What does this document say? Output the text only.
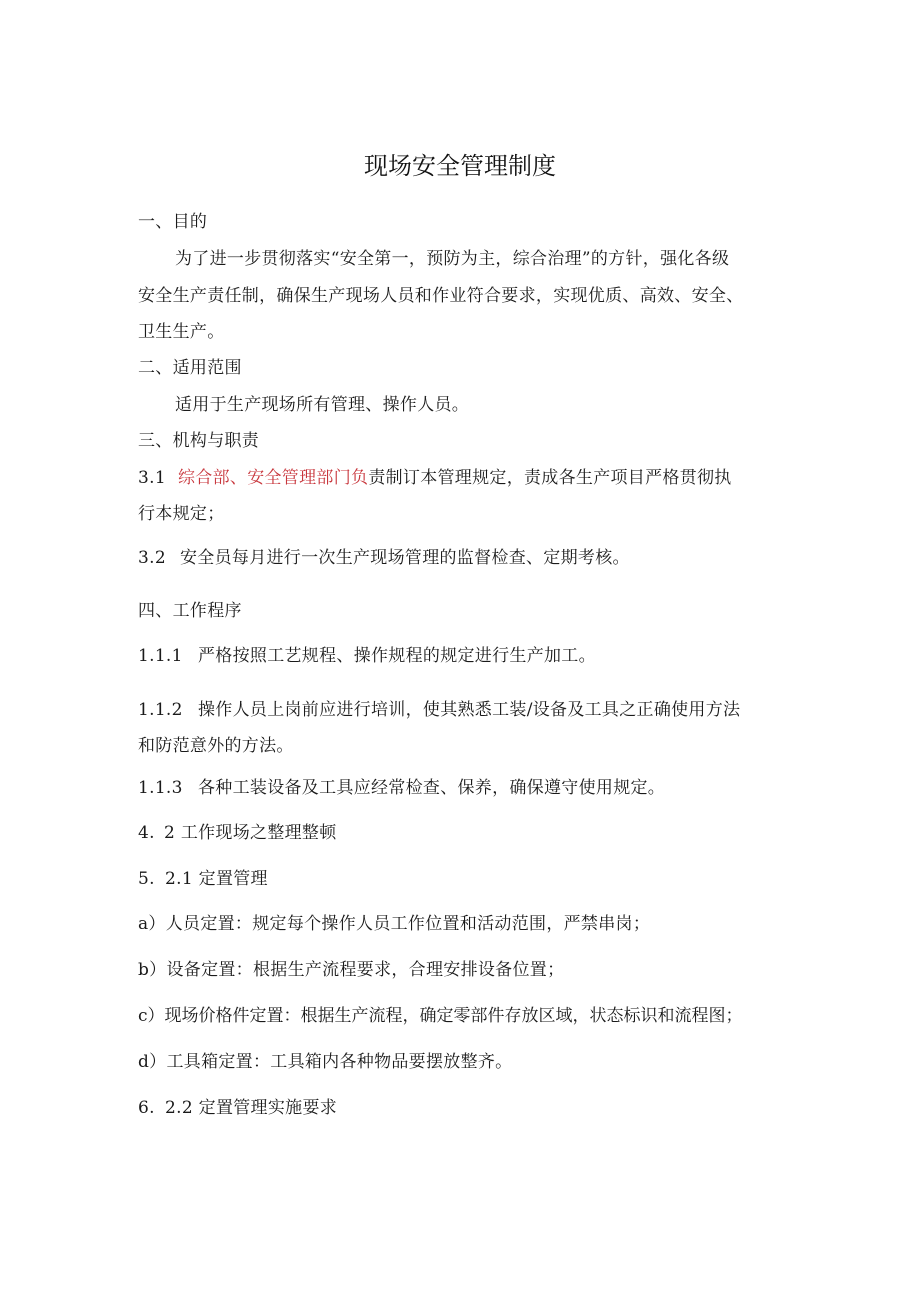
现场安全管理制度
一、目的
为了进一步贯彻落实“安全第一，预防为主，综合治理”的方针，强化各级
安全生产责任制，确保生产现场人员和作业符合要求，实现优质、高效、安全、
卫生生产。
二、适用范围
适用于生产现场所有管理、操作人员。
三、机构与职责
3.1 综合部、安全管理部门负责制订本管理规定，责成各生产项目严格贯彻执
行本规定；
3.2 安全员每月进行一次生产现场管理的监督检查、定期考核。
四、工作程序
1.1.1 严格按照工艺规程、操作规程的规定进行生产加工。
1.1.2 操作人员上岗前应进行培训，使其熟悉工装/设备及工具之正确使用方法
和防范意外的方法。
1.1.3 各种工装设备及工具应经常检查、保养，确保遵守使用规定。
4. 2 工作现场之整理整顿
5. 2.1 定置管理
a）人员定置：规定每个操作人员工作位置和活动范围，严禁串岗；
b）设备定置：根据生产流程要求，合理安排设备位置；
c）现场价格件定置：根据生产流程，确定零部件存放区域，状态标识和流程图；
d）工具箱定置：工具箱内各种物品要摆放整齐。
6. 2.2 定置管理实施要求
